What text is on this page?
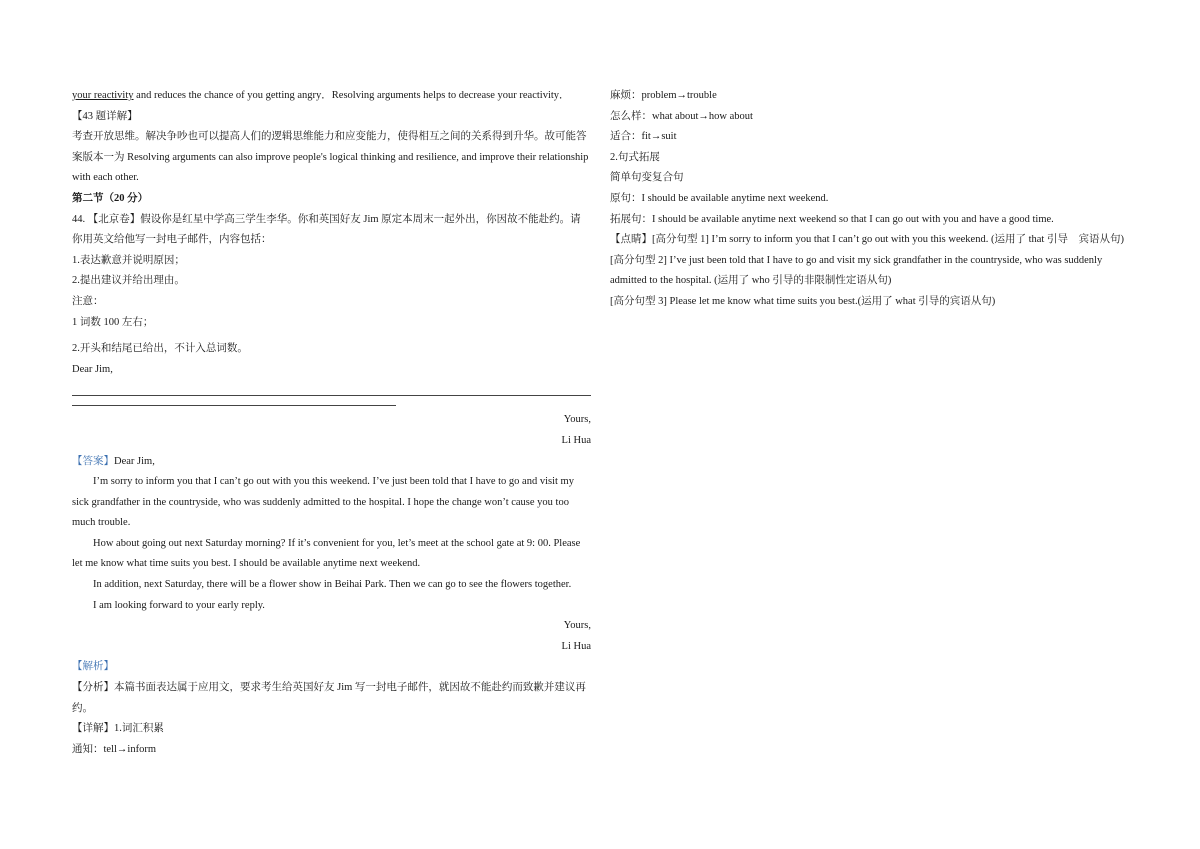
your reactivity and reduces the chance of you getting angry．Resolving arguments helps to decrease your reactivity．

【43 题详解】

考查开放思维。解决争吵也可以提高人们的逻辑思维能力和应变能力，使得相互之间的关系得到升华。故可能答案版本一为 Resolving arguments can also improve people's logical thinking and resilience, and improve their relationship with each other.

第二节（20 分）

44. 【北京卷】假设你是红星中学高三学生李华。你和英国好友 Jim 原定本周末一起外出，你因故不能赴约。请你用英文给他写一封电子邮件，内容包括：

1.表达歉意并说明原因；

2.提出建议并给出理由。

注意：

1 词数 100 左右；

2.开头和结尾已给出，不计入总词数。

Dear Jim,

Yours,

Li Hua

【答案】Dear Jim,

I’m sorry to inform you that I can’t go out with you this weekend. I’ve just been told that I have to go and visit my sick grandfather in the countryside, who was suddenly admitted to the hospital. I hope the change won’t cause you too much trouble.

How about going out next Saturday morning? If it’s convenient for you, let’s meet at the school gate at 9: 00. Please let me know what time suits you best. I should be available anytime next weekend.

In addition, next Saturday, there will be a flower show in Beihai Park. Then we can go to see the flowers together.

I am looking forward to your early reply.

Yours,

Li Hua

【解析】

【分析】本篇书面表达属于应用文，要求考生给英国好友 Jim 写一封电子邮件，就因故不能赴约而致歉并建议再约。

【详解】1.词汇积累

通知：tell→inform

麻烦：problem→trouble

怎么样：what about→how about

适合：fit→suit

2.句式拓展

简单句变复合句

原句：I should be available anytime next weekend.

拓展句：I should be available anytime next weekend so that I can go out with you and have a good time.

【点睛】[高分句型 1] I’m sorry to inform you that I can’t go out with you this weekend. (运用了 that 引导　宾语从句)

[高分句型 2] I’ve just been told that I have to go and visit my sick grandfather in the countryside, who was suddenly admitted to the hospital. (运用了 who 引导的非限制性定语从句)

[高分句型 3] Please let me know what time suits you best.(运用了 what 引导的宾语从句)
